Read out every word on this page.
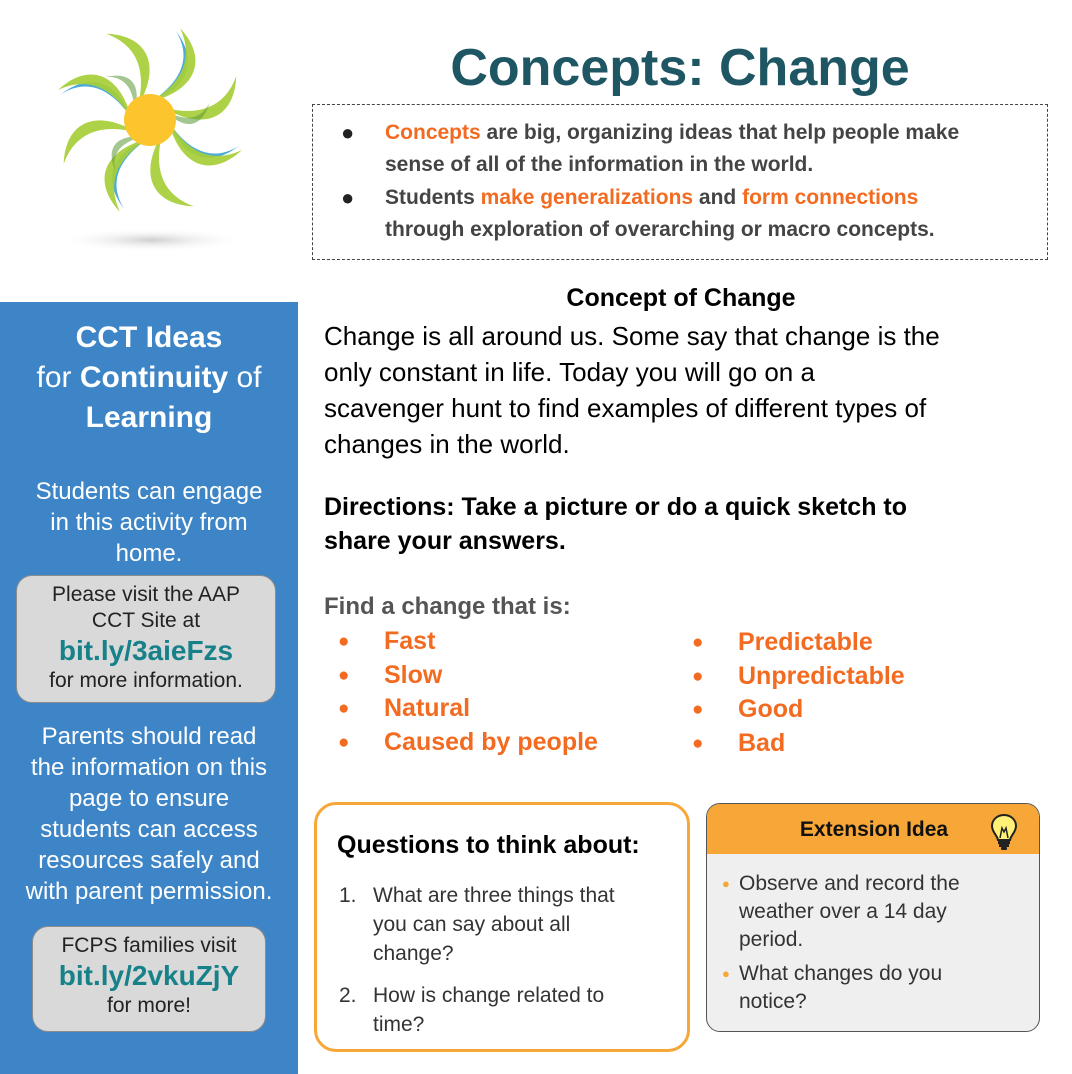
Concepts: Change
● Concepts are big, organizing ideas that help people make
sense of all of the information in the world.
● Students make generalizations and form connections
through exploration of overarching or macro concepts.
CCT Ideas
for Continuity of
Learning
Students can engage
in this activity from
home.
Please visit the AAP
CCT Site at
bit.ly/3aieFzs
for more information.
Parents should read
the information on this
page to ensure
students can access
resources safely and
with parent permission.
FCPS families visit
bit.ly/2vkuZjY
for more!
Concept of Change
Change is all around us. Some say that change is the
only constant in life. Today you will go on a
scavenger hunt to find examples of different types of
changes in the world.
Directions: Take a picture or do a quick sketch to
share your answers.
Find a change that is:
● Fast
● Slow
● Natural
● Caused by people
● Predictable
● Unpredictable
● Good
● Bad
Questions to think about:
1. What are three things that
you can say about all
change?
2. How is change related to
time?
Extension Idea
● Observe and record the
weather over a 14 day
period.
● What changes do you
notice?
